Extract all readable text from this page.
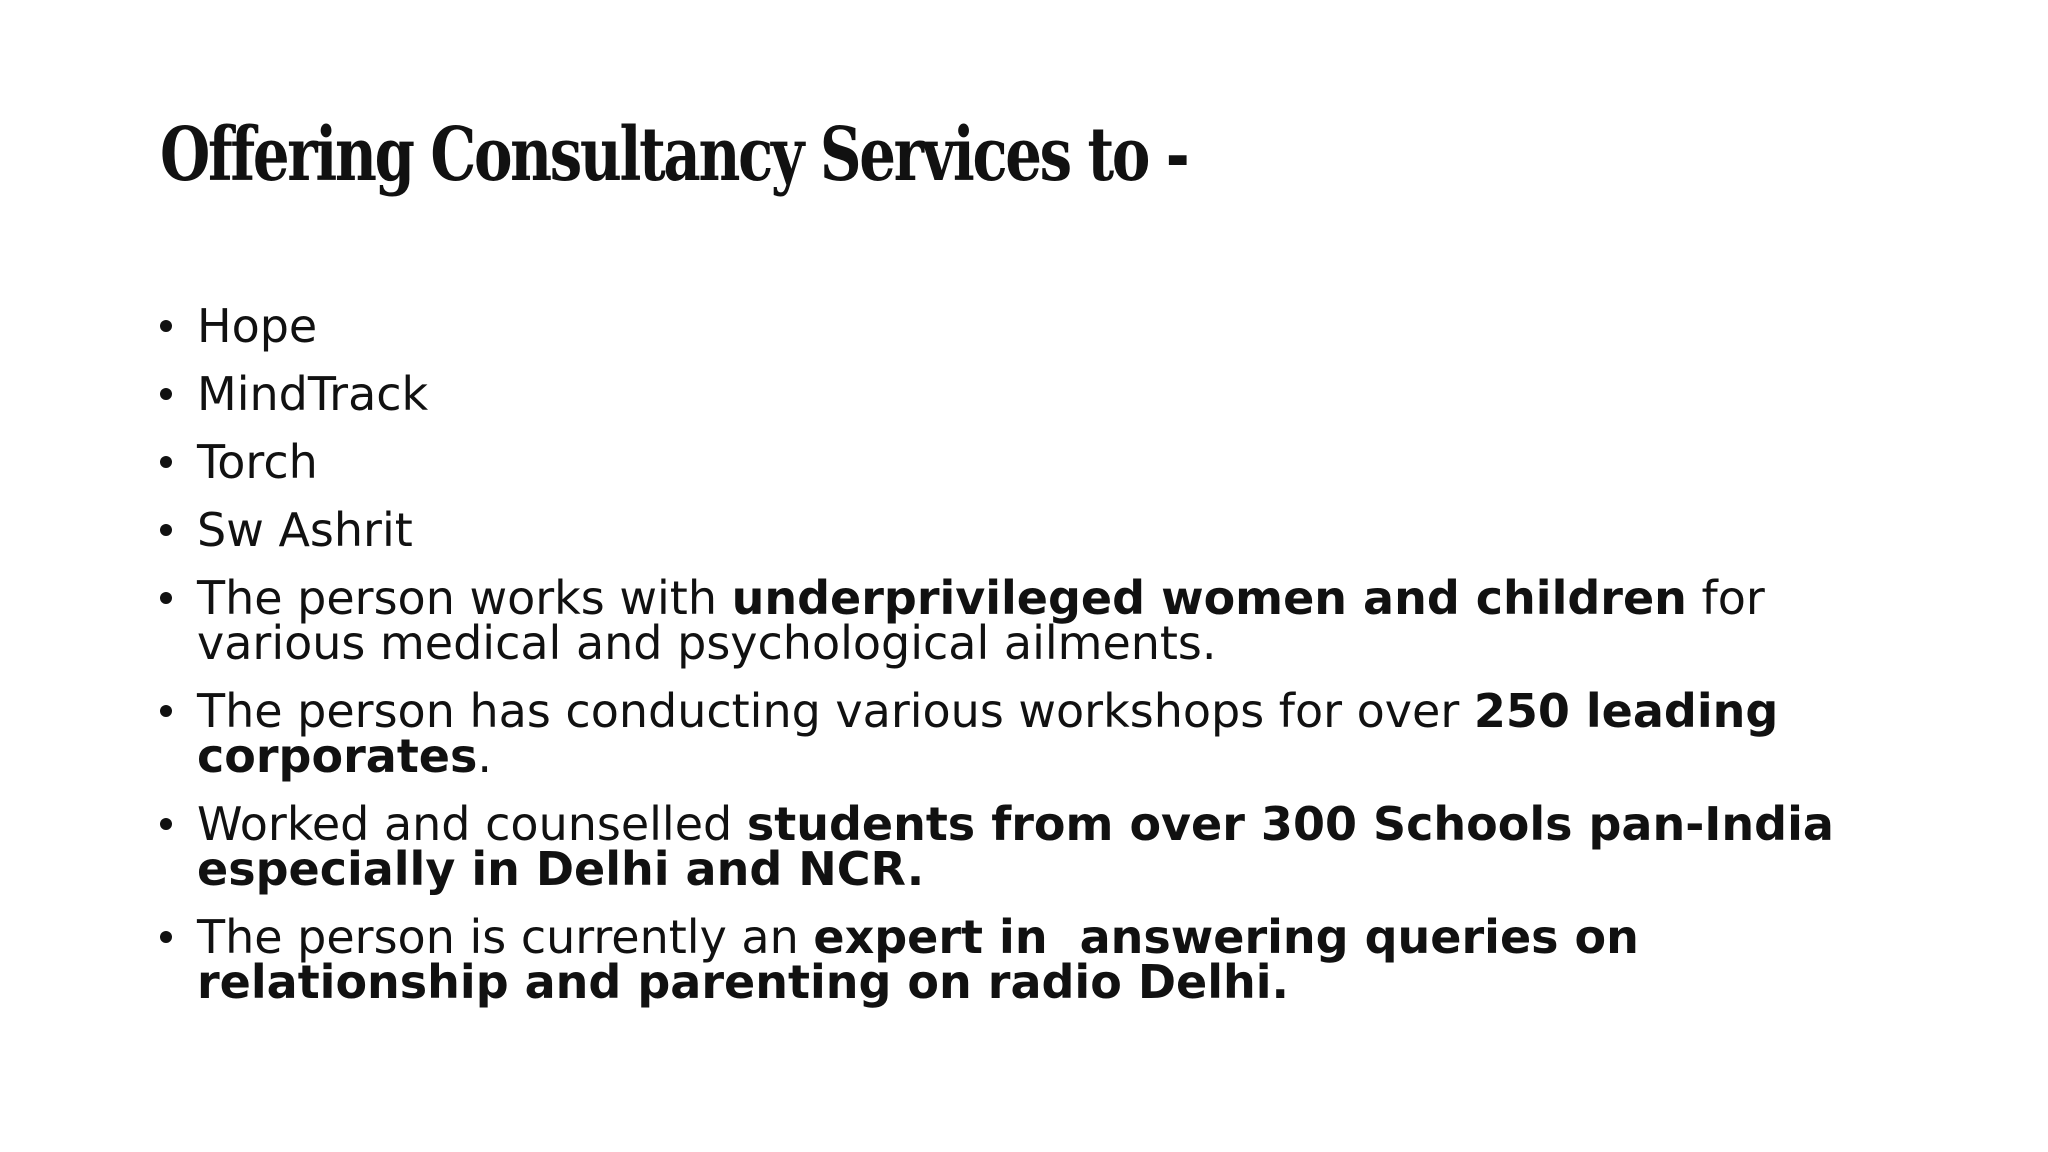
Offering Consultancy Services to -
Hope
MindTrack
Torch
Sw Ashrit
The person works with underprivileged women and children for various medical and psychological ailments.
The person has conducting various workshops for over 250 leading corporates.
Worked and counselled students from over 300 Schools pan-India especially in Delhi and NCR.
The person is currently an expert in  answering queries on relationship and parenting on radio Delhi.
